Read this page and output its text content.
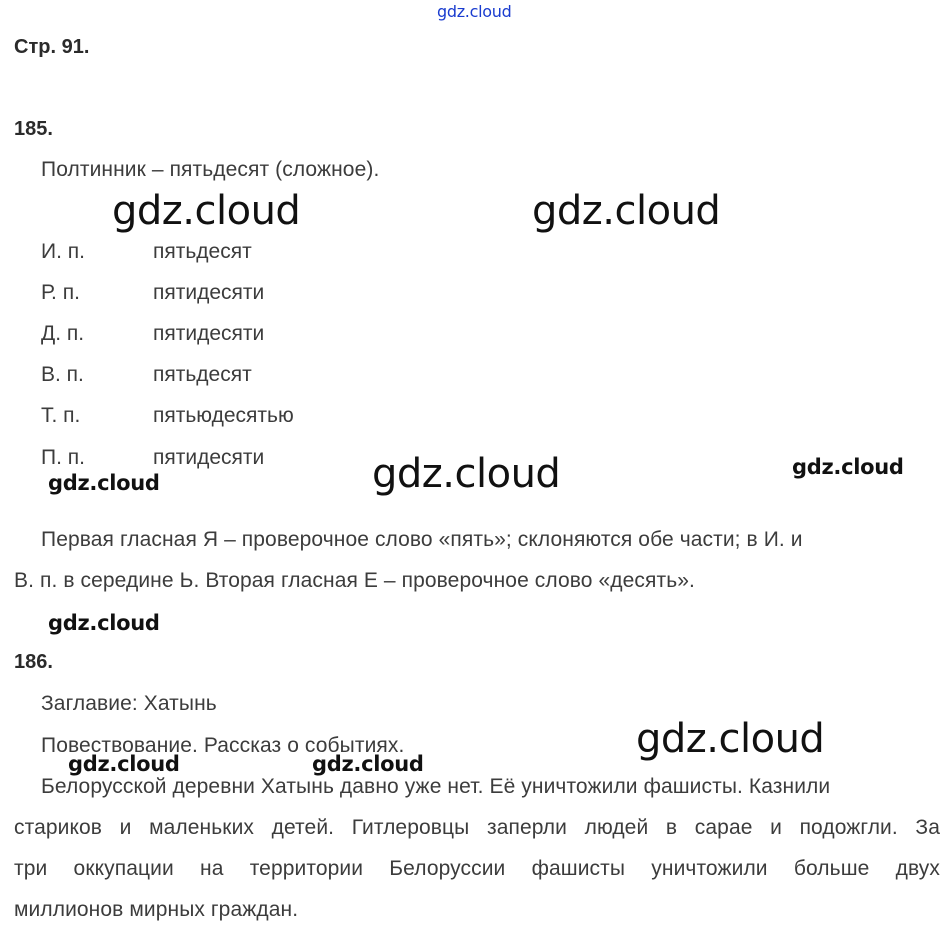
gdz.cloud
Стр. 91.
185.
Полтинник – пятьдесят (сложное).
gdz.cloud	gdz.cloud
И. п.	пятьдесят
Р. п.	пятидесяти
Д. п.	пятидесяти
В. п.	пятьдесят
Т. п.	пятьюдесятью
П. п.	пятидесяти	gdz.cloud	gdz.cloud
gdz.cloud
Первая гласная Я – проверочное слово «пять»; склоняются обе части; в И. и
В. п. в середине Ь. Вторая гласная Е – проверочное слово «десять».
gdz.cloud
186.
Заглавие: Хатынь
Повествование. Рассказ о событиях.	gdz.cloud
gdz.cloud	gdz.cloud
Белорусской деревни Хатынь давно уже нет. Её уничтожили фашисты. Казнили
стариков и маленьких детей. Гитлеровцы заперли людей в сарае и подожгли. За
три оккупации на территории Белоруссии фашисты уничтожили больше двух
миллионов мирных граждан.
